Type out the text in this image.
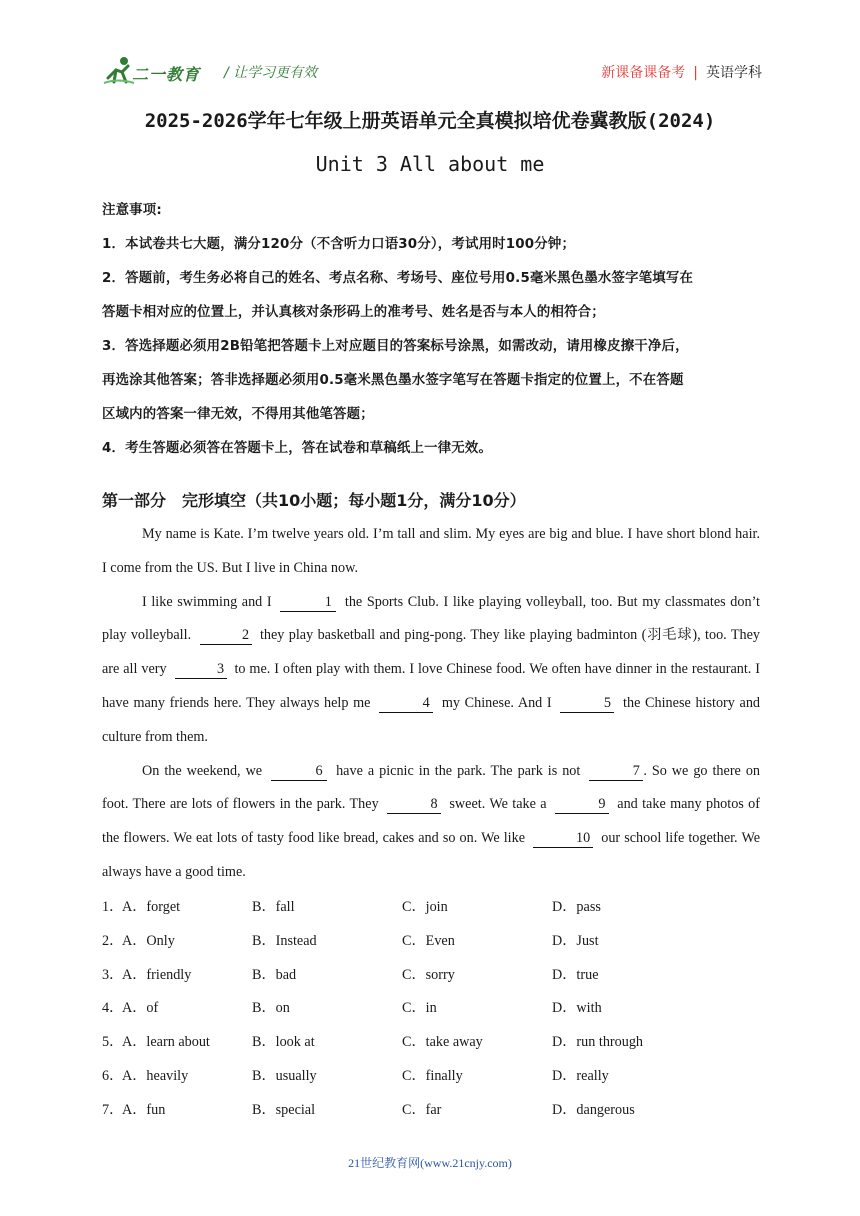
二一教育 / 让学习更有效	新课备课备考 | 英语学科
2025-2026学年七年级上册英语单元全真模拟培优卷冀教版(2024)
Unit 3 All about me

注意事项:

1．本试卷共七大题，满分120分（不含听力口语30分），考试用时100分钟；

2．答题前，考生务必将自己的姓名、考点名称、考场号、座位号用0.5毫米黑色墨水签字笔填写在

答题卡相对应的位置上，并认真核对条形码上的准考号、姓名是否与本人的相符合；

3．答选择题必须用2B铅笔把答题卡上对应题目的答案标号涂黑，如需改动，请用橡皮擦干净后，

再选涂其他答案；答非选择题必须用0.5毫米黑色墨水签字笔写在答题卡指定的位置上，不在答题

区域内的答案一律无效，不得用其他笔答题；

4．考生答题必须答在答题卡上，答在试卷和草稿纸上一律无效。

第一部分　完形填空（共10小题；每小题1分，满分10分）

My name is Kate. I’m twelve years old. I’m tall and slim. My eyes are big and blue. I have short blond hair. I come from the US. But I live in China now.

I like swimming and I	1 the Sports Club. I like playing volleyball, too. But my classmates don’t play volleyball.	2 they play basketball and ping-pong. They like playing badminton (羽毛球), too. They are all very	3 to me. I often play with them. I love Chinese food. We often have dinner in the restaurant. I have many friends here. They always help me	4 my Chinese. And I	5 the Chinese history and culture from them.

On the weekend, we	6 have a picnic in the park. The park is not	7 . So we go there on foot. There are lots of flowers in the park. They	8 sweet. We take a	9 and take many photos of the flowers. We eat lots of tasty food like bread, cakes and so on. We like	10 our school life together. We always have a good time.

1．
A．forget	B．fall	C．join	D．pass
2．
A．Only	B．Instead	C．Even	D．Just
3．
A．friendly	B．bad	C．sorry	D．true
4．
A．of	B．on	C．in	D．with
5．
A．learn about	B．look at	C．take away	D．run through
6．
A．heavily	B．usually	C．finally	D．really
7．
A．fun	B．special	C．far	D．dangerous
21世纪教育网(www.21cnjy.com)
